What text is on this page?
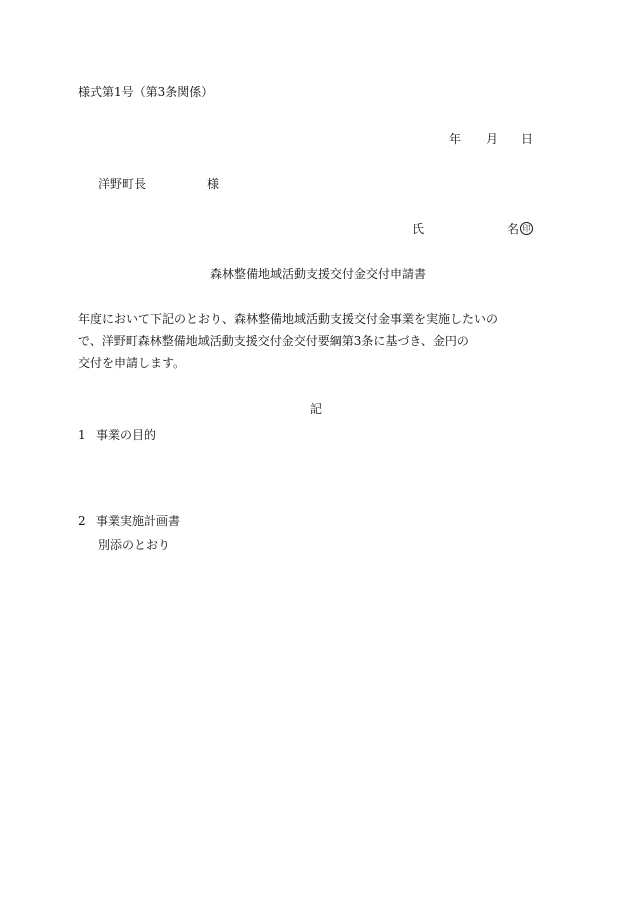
様式第1号（第3条関係）
年 月 日
洋野町長	様
氏	名 印
森林整備地域活動支援交付金交付申請書
年度において下記のとおり、森林整備地域活動支援交付金事業を実施したいの
で、洋野町森林整備地域活動支援交付金交付要綱第3条に基づき、金円の
交付を申請します。
記
1 事業の目的
2 事業実施計画書
別添のとおり
